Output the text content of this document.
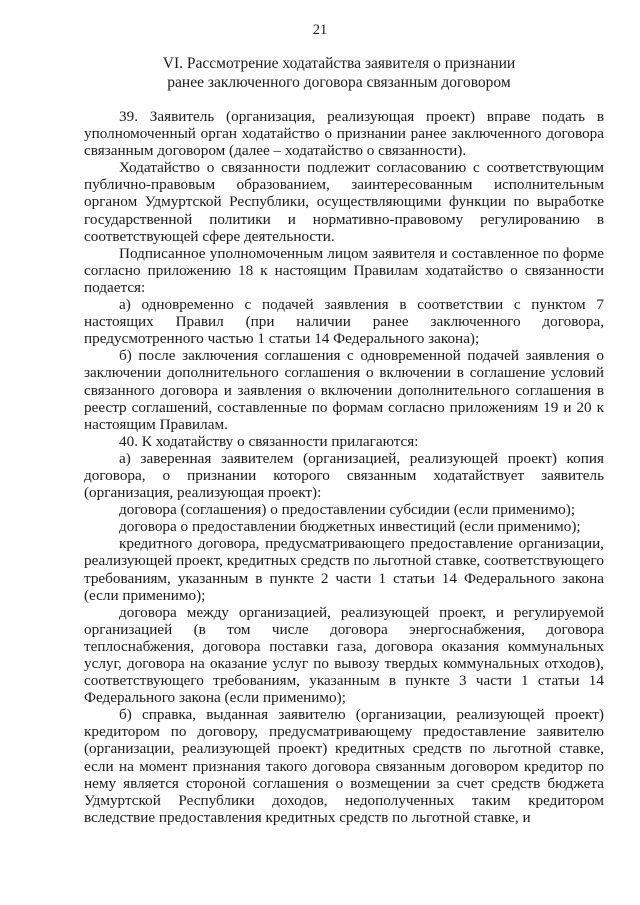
21
VI. Рассмотрение ходатайства заявителя о признании
ранее заключенного договора связанным договором

39. Заявитель (организация, реализующая проект) вправе подать в уполномоченный орган ходатайство о признании ранее заключенного договора связанным договором (далее – ходатайство о связанности).

Ходатайство о связанности подлежит согласованию с соответствующим публично-правовым образованием, заинтересованным исполнительным органом Удмуртской Республики, осуществляющими функции по выработке государственной политики и нормативно-правовому регулированию в соответствующей сфере деятельности.

Подписанное уполномоченным лицом заявителя и составленное по форме согласно приложению 18 к настоящим Правилам ходатайство о связанности подается:

а) одновременно с подачей заявления в соответствии с пунктом 7 настоящих Правил (при наличии ранее заключенного договора, предусмотренного частью 1 статьи 14 Федерального закона);

б) после заключения соглашения с одновременной подачей заявления о заключении дополнительного соглашения о включении в соглашение условий связанного договора и заявления о включении дополнительного соглашения в реестр соглашений, составленные по формам согласно приложениям 19 и 20 к настоящим Правилам.

40. К ходатайству о связанности прилагаются:

а) заверенная заявителем (организацией, реализующей проект) копия договора, о признании которого связанным ходатайствует заявитель (организация, реализующая проект):

договора (соглашения) о предоставлении субсидии (если применимо);

договора о предоставлении бюджетных инвестиций (если применимо);

кредитного договора, предусматривающего предоставление организации, реализующей проект, кредитных средств по льготной ставке, соответствующего требованиям, указанным в пункте 2 части 1 статьи 14 Федерального закона (если применимо);

договора между организацией, реализующей проект, и регулируемой организацией (в том числе договора энергоснабжения, договора теплоснабжения, договора поставки газа, договора оказания коммунальных услуг, договора на оказание услуг по вывозу твердых коммунальных отходов), соответствующего требованиям, указанным в пункте 3 части 1 статьи 14 Федерального закона (если применимо);

б) справка, выданная заявителю (организации, реализующей проект) кредитором по договору, предусматривающему предоставление заявителю (организации, реализующей проект) кредитных средств по льготной ставке, если на момент признания такого договора связанным договором кредитор по нему является стороной соглашения о возмещении за счет средств бюджета Удмуртской Республики доходов, недополученных таким кредитором вследствие предоставления кредитных средств по льготной ставке, и
